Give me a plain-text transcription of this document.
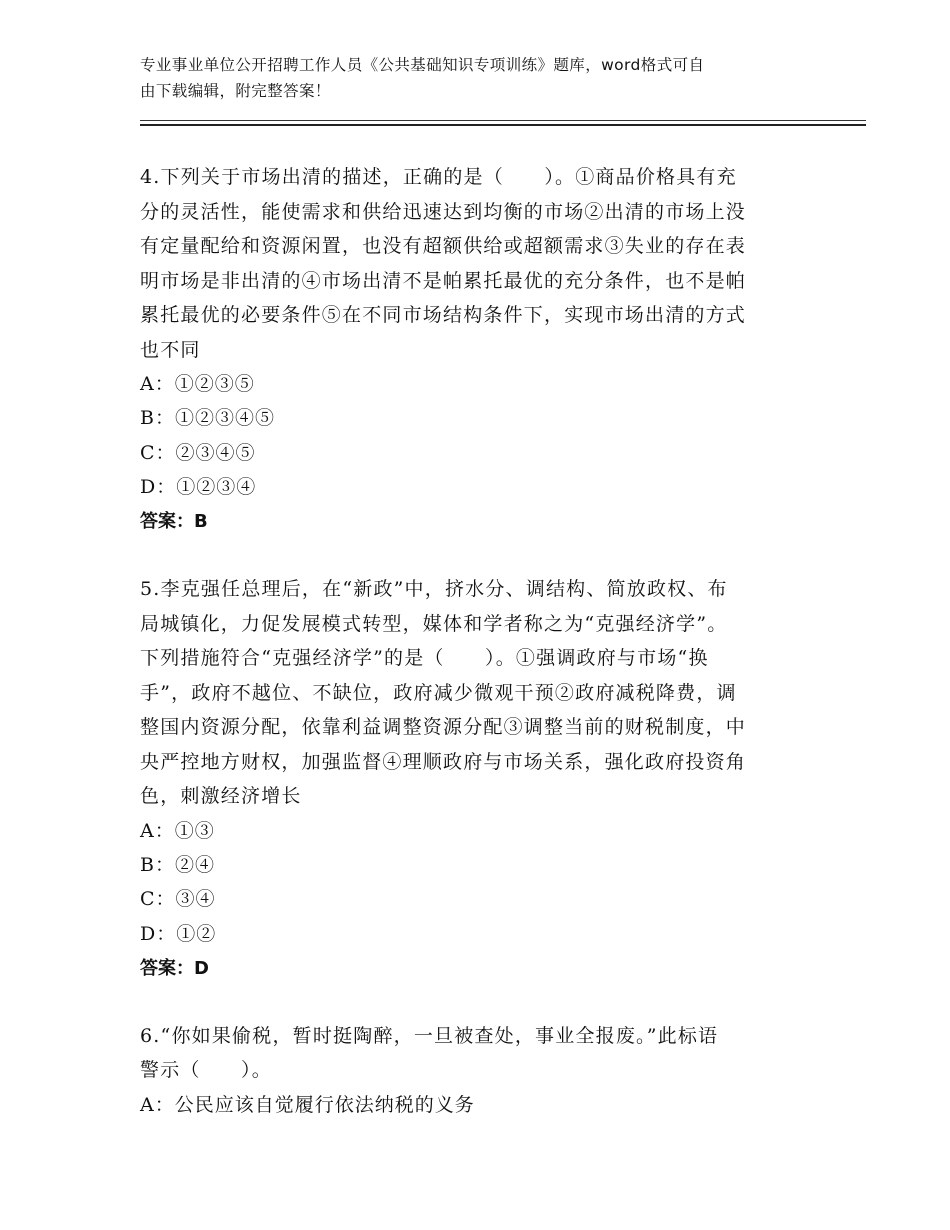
专业事业单位公开招聘工作人员《公共基础知识专项训练》题库，word格式可自
由下载编辑，附完整答案！
4.下列关于市场出清的描述，正确的是（　　）。①商品价格具有充
分的灵活性，能使需求和供给迅速达到均衡的市场②出清的市场上没
有定量配给和资源闲置，也没有超额供给或超额需求③失业的存在表
明市场是非出清的④市场出清不是帕累托最优的充分条件，也不是帕
累托最优的必要条件⑤在不同市场结构条件下，实现市场出清的方式
也不同
A：①②③⑤
B：①②③④⑤
C：②③④⑤
D：①②③④
答案：B
5.李克强任总理后，在“新政”中，挤水分、调结构、简放政权、布
局城镇化，力促发展模式转型，媒体和学者称之为“克强经济学”。
下列措施符合“克强经济学”的是（　　）。①强调政府与市场“换
手”，政府不越位、不缺位，政府减少微观干预②政府减税降费，调
整国内资源分配，依靠利益调整资源分配③调整当前的财税制度，中
央严控地方财权，加强监督④理顺政府与市场关系，强化政府投资角
色，刺激经济增长
A：①③
B：②④
C：③④
D：①②
答案：D
6.“你如果偷税，暂时挺陶醉，一旦被查处，事业全报废。”此标语
警示（　　）。
A：公民应该自觉履行依法纳税的义务
